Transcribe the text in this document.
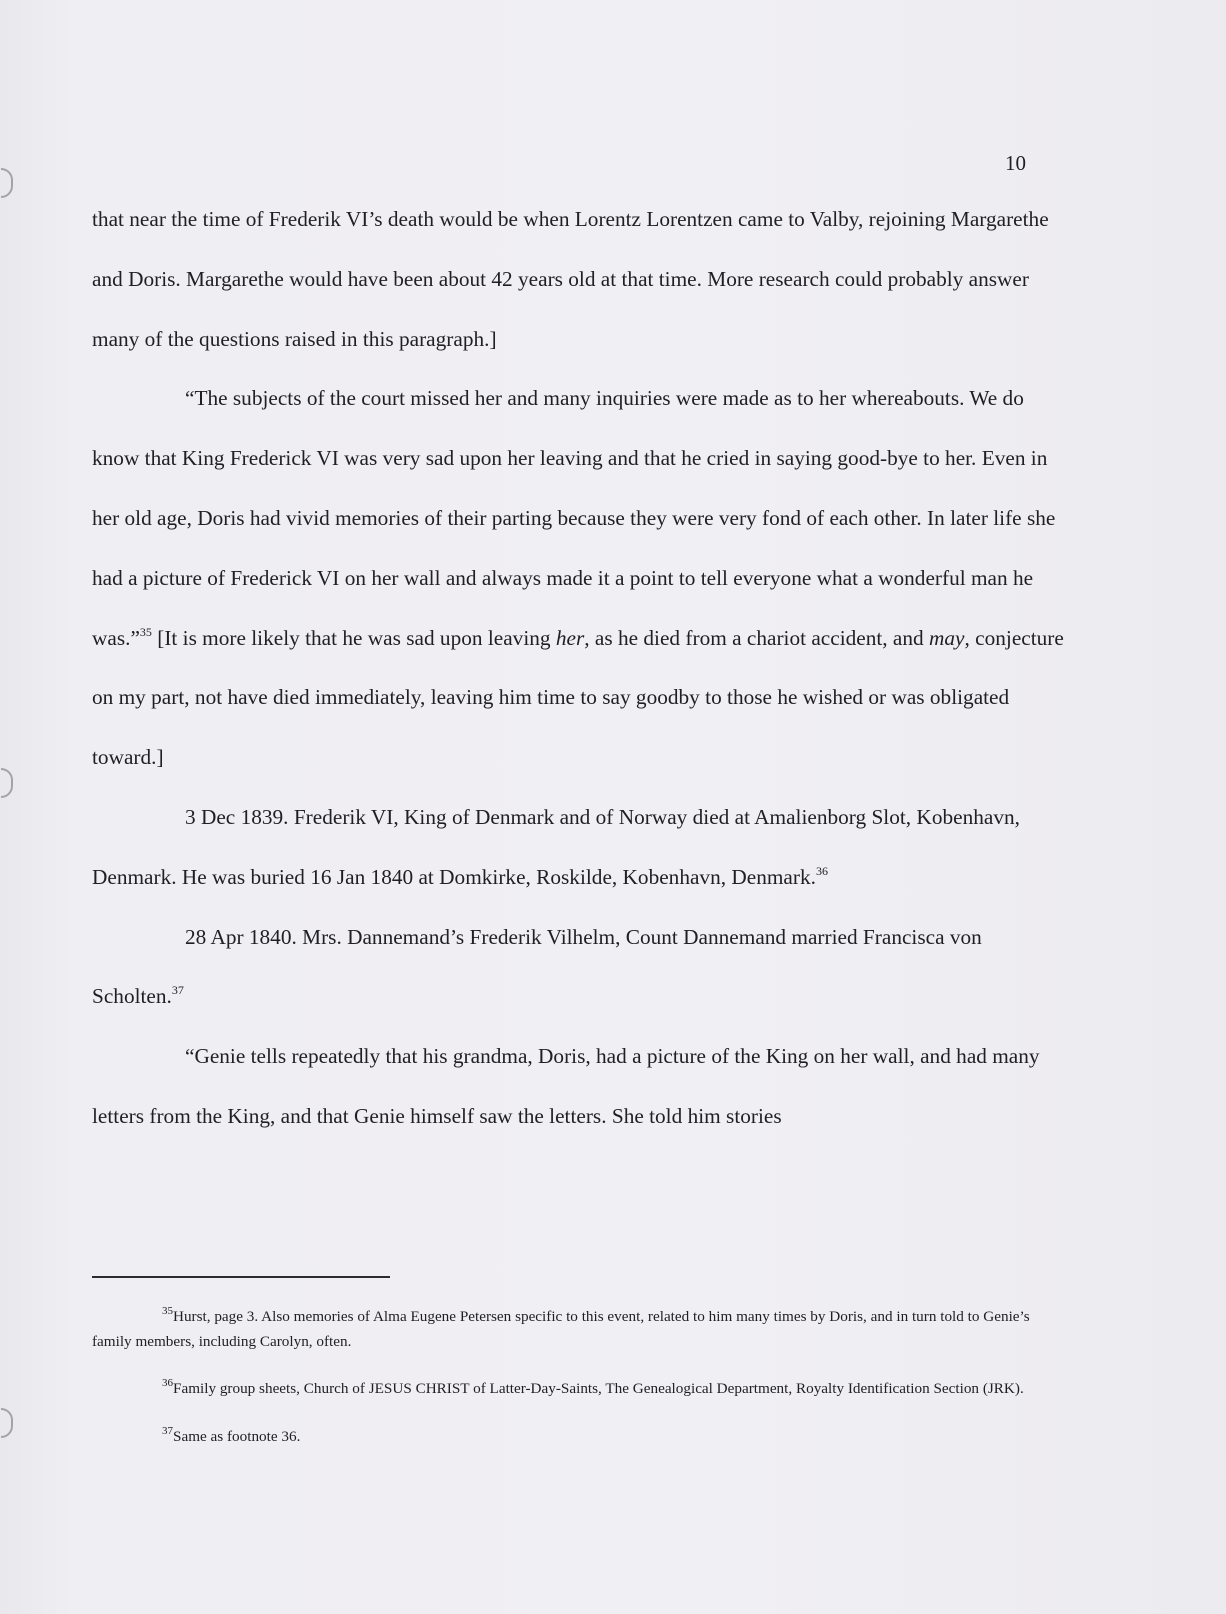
10

that near the time of Frederik VI’s death would be when Lorentz Lorentzen came to Valby, rejoining Margarethe and Doris. Margarethe would have been about 42 years old at that time. More research could probably answer many of the questions raised in this paragraph.]

“The subjects of the court missed her and many inquiries were made as to her whereabouts. We do know that King Frederick VI was very sad upon her leaving and that he cried in saying good-bye to her. Even in her old age, Doris had vivid memories of their parting because they were very fond of each other. In later life she had a picture of Frederick VI on her wall and always made it a point to tell everyone what a wonderful man he was.”$^{35}$ [It is more likely that he was sad upon leaving her, as he died from a chariot accident, and may, conjecture on my part, not have died immediately, leaving him time to say goodby to those he wished or was obligated toward.]

3 Dec 1839. Frederik VI, King of Denmark and of Norway died at Amalienborg Slot, Kobenhavn, Denmark. He was buried 16 Jan 1840 at Domkirke, Roskilde, Kobenhavn, Denmark.$^{36}$

28 Apr 1840. Mrs. Dannemand’s Frederik Vilhelm, Count Dannemand married Francisca von Scholten.$^{37}$

“Genie tells repeatedly that his grandma, Doris, had a picture of the King on her wall, and had many letters from the King, and that Genie himself saw the letters. She told him stories

$^{35}$Hurst, page 3. Also memories of Alma Eugene Petersen specific to this event, related to him many times by Doris, and in turn told to Genie’s family members, including Carolyn, often.

$^{36}$Family group sheets, Church of JESUS CHRIST of Latter-Day-Saints, The Genealogical Department, Royalty Identification Section (JRK).

$^{37}$Same as footnote 36.
